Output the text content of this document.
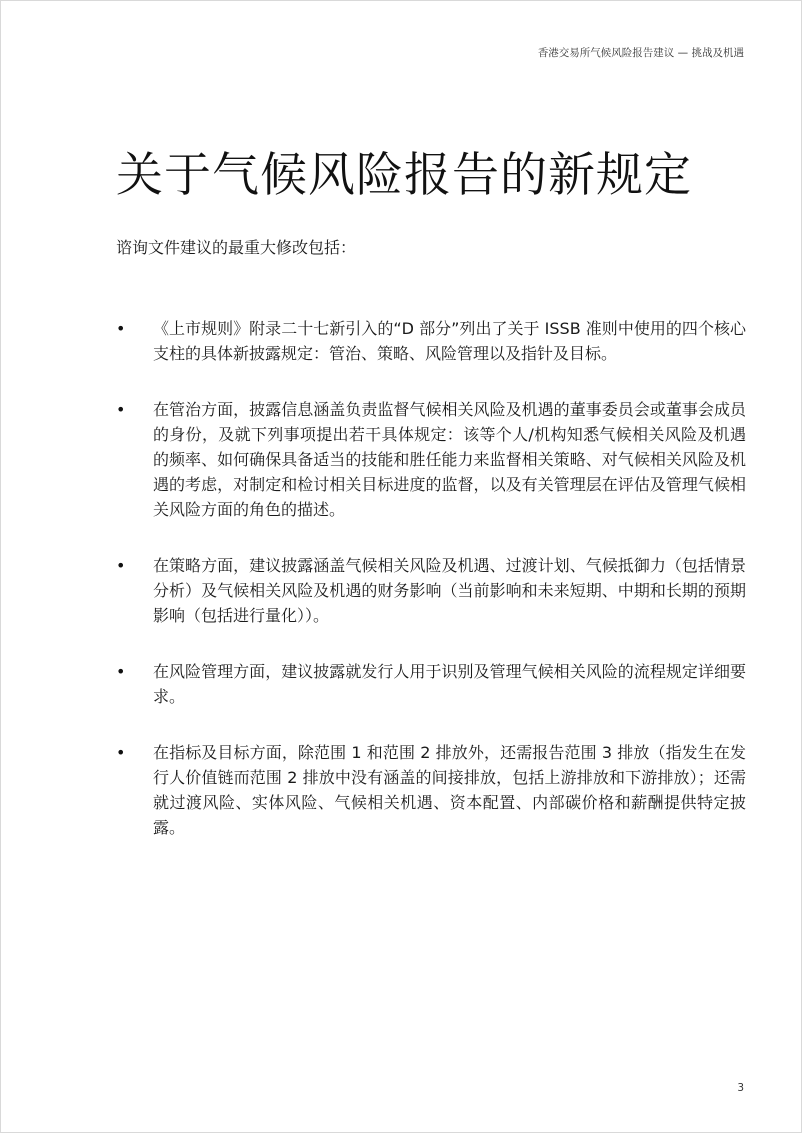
香港交易所气候风险报告建议 — 挑战及机遇
关于气候风险报告的新规定
谘询文件建议的最重大修改包括：
•	《上市规则》附录二十七新引入的“D 部分”列出了关于 ISSB 准则中使用的四个核心支柱的具体新披露规定：管治、策略、风险管理以及指针及目标。
•	在管治方面，披露信息涵盖负责监督气候相关风险及机遇的董事委员会或董事会成员的身份，及就下列事项提出若干具体规定：该等个人/机构知悉气候相关风险及机遇的频率、如何确保具备适当的技能和胜任能力来监督相关策略、对气候相关风险及机遇的考虑，对制定和检讨相关目标进度的监督，以及有关管理层在评估及管理气候相关风险方面的角色的描述。
•	在策略方面，建议披露涵盖气候相关风险及机遇、过渡计划、气候抵御力（包括情景分析）及气候相关风险及机遇的财务影响（当前影响和未来短期、中期和长期的预期影响（包括进行量化））。
•	在风险管理方面，建议披露就发行人用于识别及管理气候相关风险的流程规定详细要求。
•	在指标及目标方面，除范围 1 和范围 2 排放外，还需报告范围 3 排放（指发生在发行人价值链而范围 2 排放中没有涵盖的间接排放，包括上游排放和下游排放）；还需就过渡风险、实体风险、气候相关机遇、资本配置、内部碳价格和薪酬提供特定披露。
3
